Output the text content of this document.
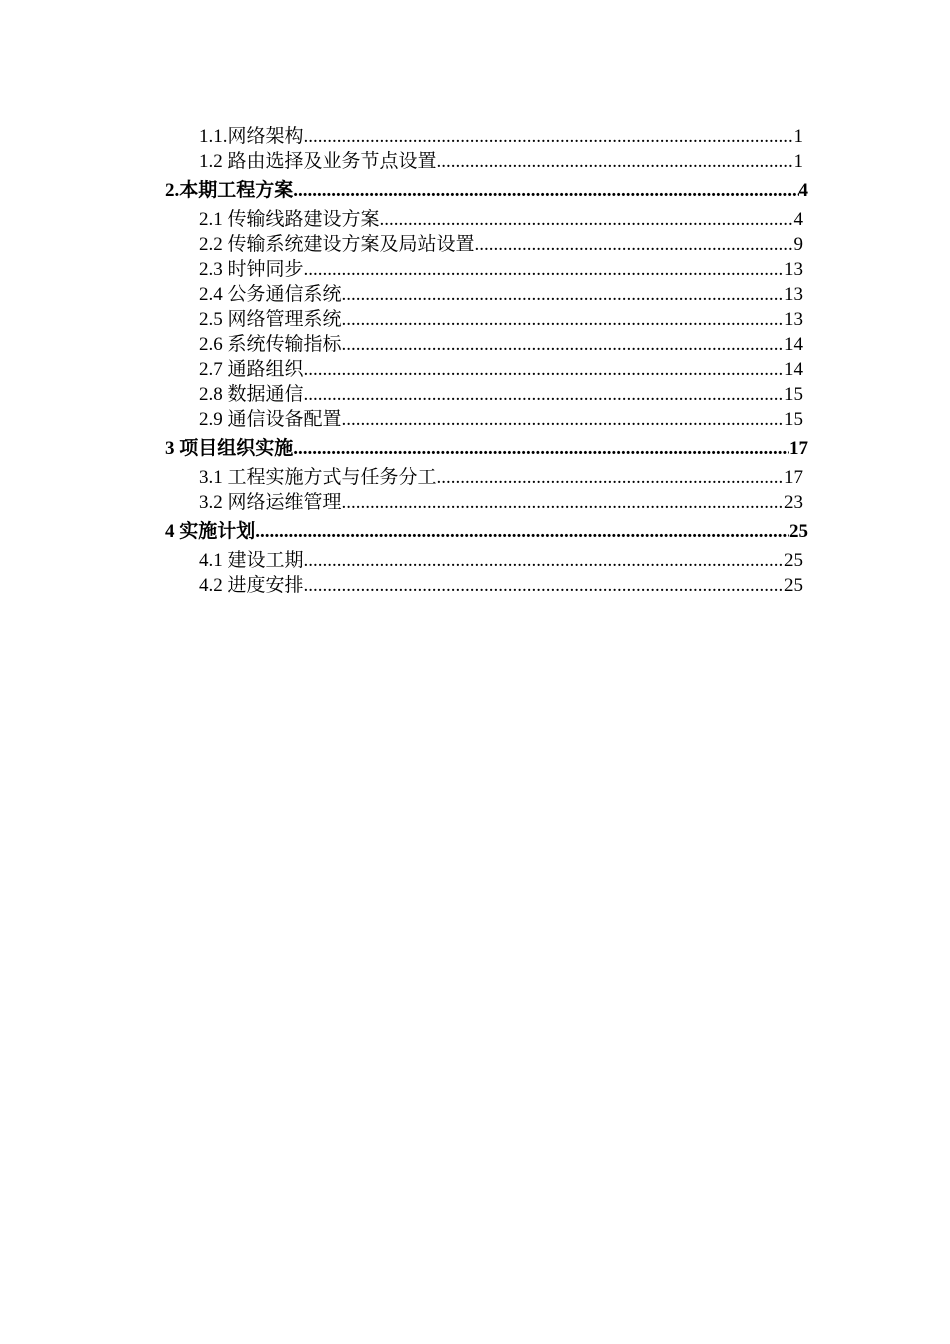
1.1.网络架构 .....	1
1.2 路由选择及业务节点设置 .....	1
2.本期工程方案 .....	4
2.1 传输线路建设方案 .....	4
2.2 传输系统建设方案及局站设置 .....	9
2.3 时钟同步 .....	13
2.4 公务通信系统 .....	13
2.5 网络管理系统 .....	13
2.6 系统传输指标 .....	14
2.7 通路组织 .....	14
2.8 数据通信 .....	15
2.9 通信设备配置 .....	15
3 项目组织实施 .....	17
3.1 工程实施方式与任务分工 .....	17
3.2 网络运维管理 .....	23
4 实施计划 .....	25
4.1 建设工期 .....	25
4.2 进度安排 .....	25
